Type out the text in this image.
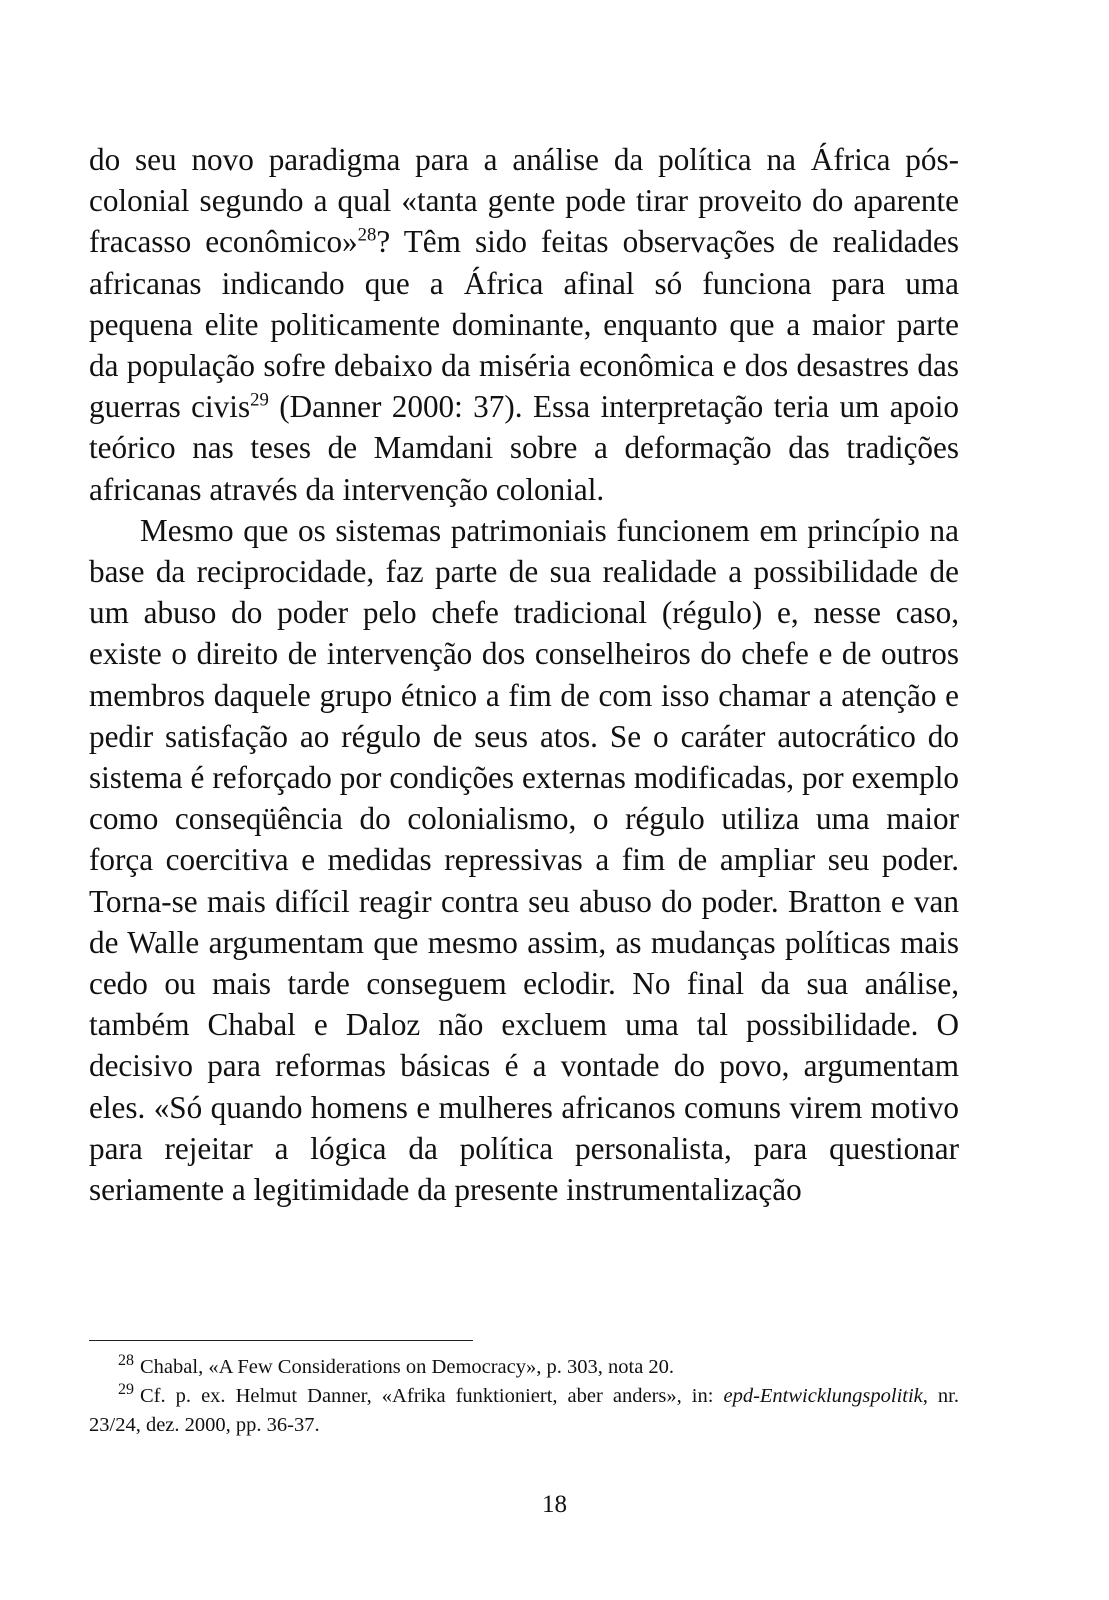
do seu novo paradigma para a análise da política na África pós-colonial segundo a qual «tanta gente pode tirar proveito do aparente fracasso econômico»$^{28}$? Têm sido feitas observações de realidades africanas indicando que a África afinal só funciona para uma pequena elite politicamente dominante, enquanto que a maior parte da população sofre debaixo da miséria econômica e dos desastres das guerras civis$^{29}$ (Danner 2000: 37). Essa interpretação teria um apoio teórico nas teses de Mamdani sobre a deformação das tradições africanas através da intervenção colonial.

Mesmo que os sistemas patrimoniais funcionem em princípio na base da reciprocidade, faz parte de sua realidade a possibilidade de um abuso do poder pelo chefe tradicional (régulo) e, nesse caso, existe o direito de intervenção dos conselheiros do chefe e de outros membros daquele grupo étnico a fim de com isso chamar a atenção e pedir satisfação ao régulo de seus atos. Se o caráter autocrático do sistema é reforçado por condições externas modificadas, por exemplo como conseqüência do colonialismo, o régulo utiliza uma maior força coercitiva e medidas repressivas a fim de ampliar seu poder. Torna-se mais difícil reagir contra seu abuso do poder. Bratton e van de Walle argumentam que mesmo assim, as mudanças políticas mais cedo ou mais tarde conseguem eclodir. No final da sua análise, também Chabal e Daloz não excluem uma tal possibilidade. O decisivo para reformas básicas é a vontade do povo, argumentam eles. «Só quando homens e mulheres africanos comuns virem motivo para rejeitar a lógica da política personalista, para questionar seriamente a legitimidade da presente instrumentalização

$^{28}$ Chabal, «A Few Considerations on Democracy», p. 303, nota 20.

$^{29}$ Cf. p. ex. Helmut Danner, «Afrika funktioniert, aber anders», in: epd-Entwicklungspolitik, nr. 23/24, dez. 2000, pp. 36-37.

18
